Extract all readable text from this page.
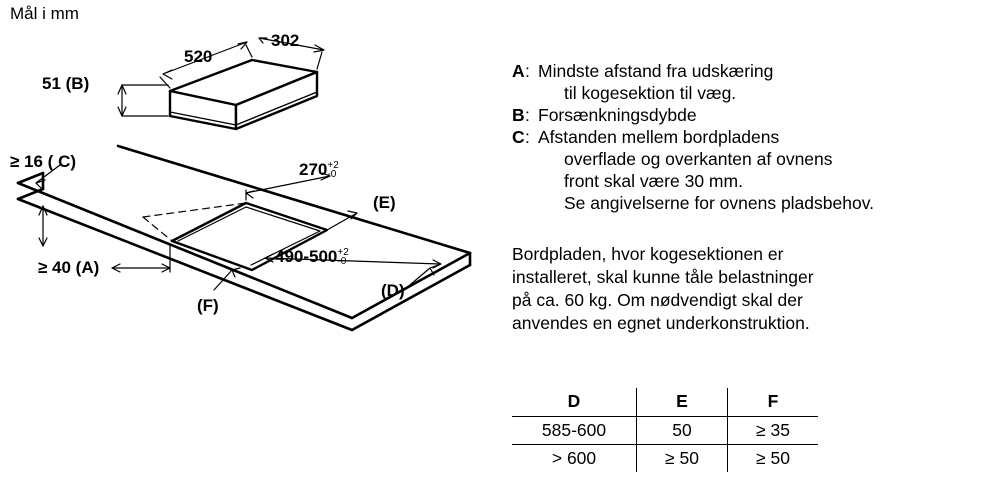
Mål i mm
520
302
51 (B)
≥ 16 ( C)	270+2
-0
490-500+2
-0
≥ 40 (A)
(E)
(D)
(F)
A : Mindste afstand fra udskæring
til kogesektion til væg.
B : Forsænkningsdybde
C : Afstanden mellem bordpladens
overflade og overkanten af ovnens
front skal være 30 mm.
Se angivelserne for ovnens pladsbehov.
Bordpladen, hvor kogesektionen er
installeret, skal kunne tåle belastninger
på ca. 60 kg. Om nødvendigt skal der
anvendes en egnet underkonstruktion.
D	E	F
585-600	50	≥ 35
> 600	≥ 50	≥ 50
